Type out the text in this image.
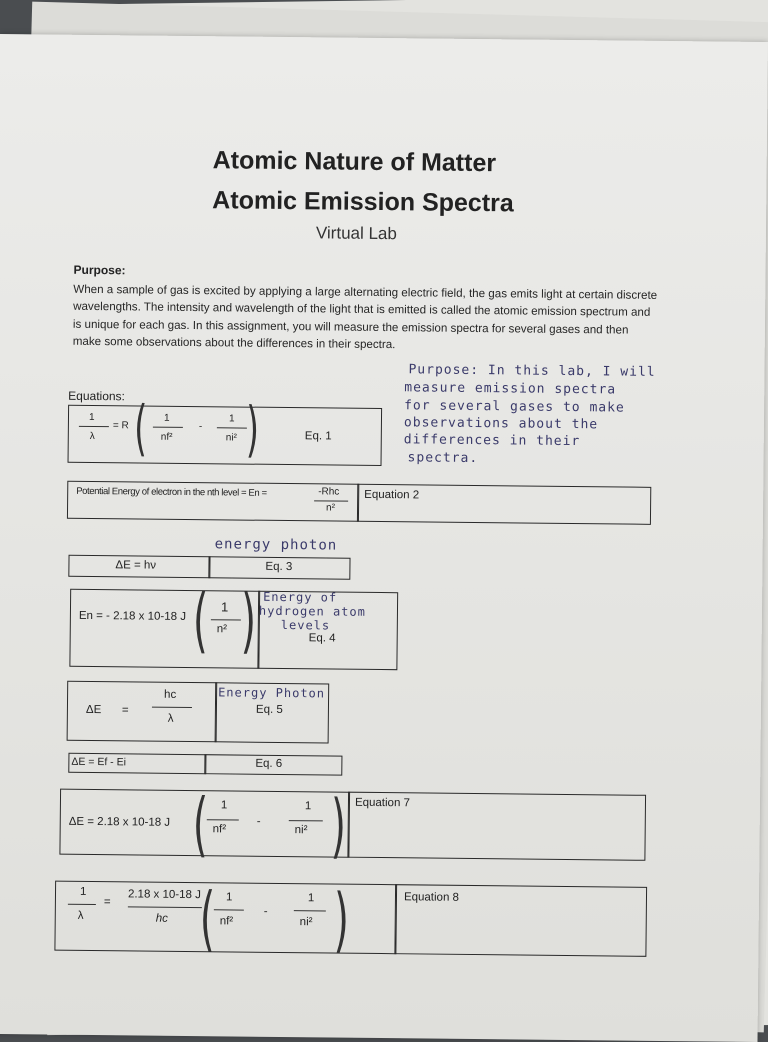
Atomic Nature of Matter
Atomic Emission Spectra
Virtual Lab
Purpose:
When a sample of gas is excited by applying a large alternating electric field, the gas emits light at certain discrete wavelengths. The intensity and wavelength of the light that is emitted is called the atomic emission spectrum and is unique for each gas. In this assignment, you will measure the emission spectra for several gases and then make some observations about the differences in their spectra.
Purpose: In this lab, I will
measure emission spectra
for several gases to make
observations about the
differences in their
spectra.
Equations:
1
λ
= R ( 1
nf²
-
1
ni² )	Eq. 1
Potential Energy of electron in the nth level = En =	-Rhc
n²
Equation 2
energy photon
ΔE = hν	Eq. 3
En = - 2.18 x 10-18 J ( 1
n² ) Energy of
hydrogen atom
levels
Eq. 4
ΔE =
hc
λ
Energy Photon
Eq. 5
ΔE = Ef - Ei	Eq. 6
ΔE = 2.18 x 10-18 J ( 1
nf²
-
1
ni² ) Equation 7
1
λ
=
2.18 x 10-18 J
hc ( 1
nf²
-
1
ni² )	Equation 8
